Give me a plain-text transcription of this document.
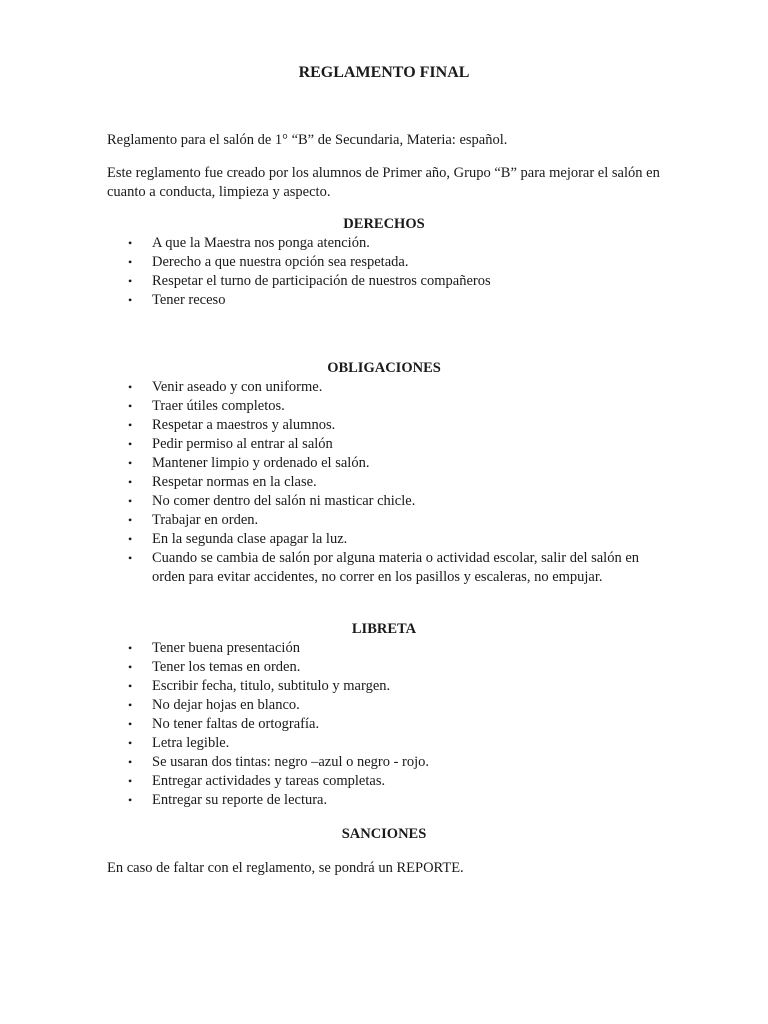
REGLAMENTO FINAL

Reglamento para el salón de 1° “B” de Secundaria, Materia: español.

Este reglamento fue creado por los alumnos de Primer año, Grupo “B” para mejorar el salón en cuanto a conducta, limpieza y aspecto.

DERECHOS
• A que la Maestra nos ponga atención.
• Derecho a que nuestra opción sea respetada.
• Respetar el turno de participación de nuestros compañeros
• Tener receso
OBLIGACIONES
• Venir aseado y con uniforme.
• Traer útiles completos.
• Respetar a maestros y alumnos.
• Pedir permiso al entrar al salón
• Mantener limpio y ordenado el salón.
• Respetar normas en la clase.
• No comer dentro del salón ni masticar chicle.
• Trabajar en orden.
• En la segunda clase apagar la luz.
• Cuando se cambia de salón por alguna materia o actividad escolar, salir del salón en orden para evitar accidentes, no correr en los pasillos y escaleras, no empujar.
LIBRETA
• Tener buena presentación
• Tener los temas en orden.
• Escribir fecha, titulo, subtitulo y margen.
• No dejar hojas en blanco.
• No tener faltas de ortografía.
• Letra legible.
• Se usaran dos tintas: negro –azul o negro - rojo.
• Entregar actividades y tareas completas.
• Entregar su reporte de lectura.
SANCIONES

En caso de faltar con el reglamento, se pondrá un REPORTE.
